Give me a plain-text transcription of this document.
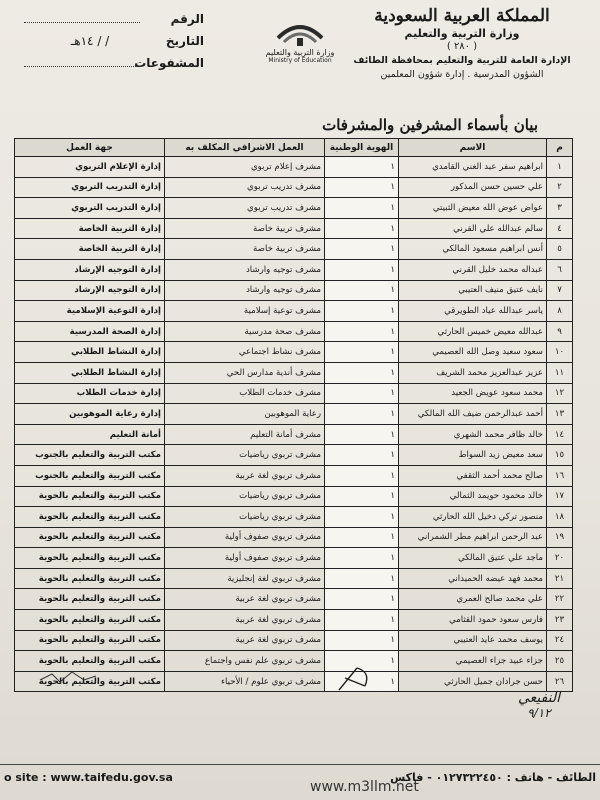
المملكة العربية السعودية
وزارة التربية والتعليم
( ٢٨٠ )
الإدارة العامة للتربية والتعليم بمحافظة الطائف
الشؤون المدرسية . إدارة شؤون المعلمين
وزارة التربية والتعليم
Ministry of Education
الرقم
التاريخ
/ / ١٤هـ
المشفوعات
بيان بأسماء المشرفين والمشرفات
م	الاسم	الهوية الوطنية	العمل الاشرافي المكلف به	جهة العمل
١	ابراهيم سفر عبد الغني القامدي	١	مشرف إعلام تربوي	إدارة الإعلام التربوي
٢	علي حسين حسن المذكور	١	مشرف تدريب تربوي	إدارة التدريب التربوي
٣	عواض عوض الله معيض الثبيتي	١	مشرف تدريب تربوي	إدارة التدريب التربوي
٤	سالم عبدالله علي القرني	١	مشرف تربية خاصة	إدارة التربية الخاصة
٥	أنس ابراهيم مسعود المالكي	١	مشرف تربية خاصة	إدارة التربية الخاصة
٦	عبداله محمد خليل القرني	١	مشرف توجيه وارشاد	إدارة التوجيه الإرشاد
٧	نايف عتيق منيف العتيبي	١	مشرف توجيه وارشاد	إدارة التوجيه الإرشاد
٨	ياسر عبدالله عياد الطويرقي	١	مشرف توعية إسلامية	إدارة التوعية الإسلامية
٩	عبدالله معيض خميس الحارثي	١	مشرف صحة مدرسية	إدارة الصحة المدرسية
١٠	سعود سعيد وصل الله العصيمي	١	مشرف نشاط اجتماعي	إدارة النشاط الطلابي
١١	عزيز عبدالعزيز محمد الشريف	١	مشرف أندية مدارس الحي	إدارة النشاط الطلابي
١٢	محمد سعود عويض الجعيد	١	مشرف خدمات الطلاب	إدارة خدمات الطلاب
١٣	أحمد عبدالرحمن ضيف الله المالكي	١	رعاية الموهوبين	إدارة رعاية الموهوبين
١٤	خالد ظافر محمد الشهري	١	مشرف أمانة التعليم	أمانة التعليم
١٥	سعد معيض زيد السواط	١	مشرف تربوي رياضيات	مكتب التربية والتعليم بالجنوب
١٦	صالح محمد أحمد الثقفي	١	مشرف تربوي لغة عربية	مكتب التربية والتعليم بالجنوب
١٧	خالد محمود حويمد الثمالي	١	مشرف تربوي رياضيات	مكتب التربية والتعليم بالحوية
١٨	منصور تركي دخيل الله الحارثي	١	مشرف تربوي رياضيات	مكتب التربية والتعليم بالحوية
١٩	عبد الرحمن ابراهيم مطر الشمراني	١	مشرف تربوي صفوف أولية	مكتب التربية والتعليم بالحوية
٢٠	ماجد علي عتيق المالكي	١	مشرف تربوي صفوف أولية	مكتب التربية والتعليم بالحوية
٢١	محمد فهد عيضه الحميداني	١	مشرف تربوي لغة إنجليزية	مكتب التربية والتعليم بالحوية
٢٢	علي محمد صالح العمري	١	مشرف تربوي لغة عربية	مكتب التربية والتعليم بالحوية
٢٣	فارس سعود حمود القثامي	١	مشرف تربوي لغة عربية	مكتب التربية والتعليم بالحوية
٢٤	يوسف محمد عايد العتيبي	١	مشرف تربوي لغة عربية	مكتب التربية والتعليم بالحوية
٢٥	جزاء عبيد جزاء العصيمي	١	مشرف تربوي علم نفس واجتماع	مكتب التربية والتعليم بالحوية
٢٦	حسن جرادان جميل الحارثي	١	مشرف تربوي علوم / الأحياء	مكتب التربية والتعليم بالحوية
النفيعي
٩/١٢
o site : www.taifedu.gov.sa
www.m3llm.net
الطائف - هاتف : ٠١٢٧٣٢٢٤٥٠ - فاكس
